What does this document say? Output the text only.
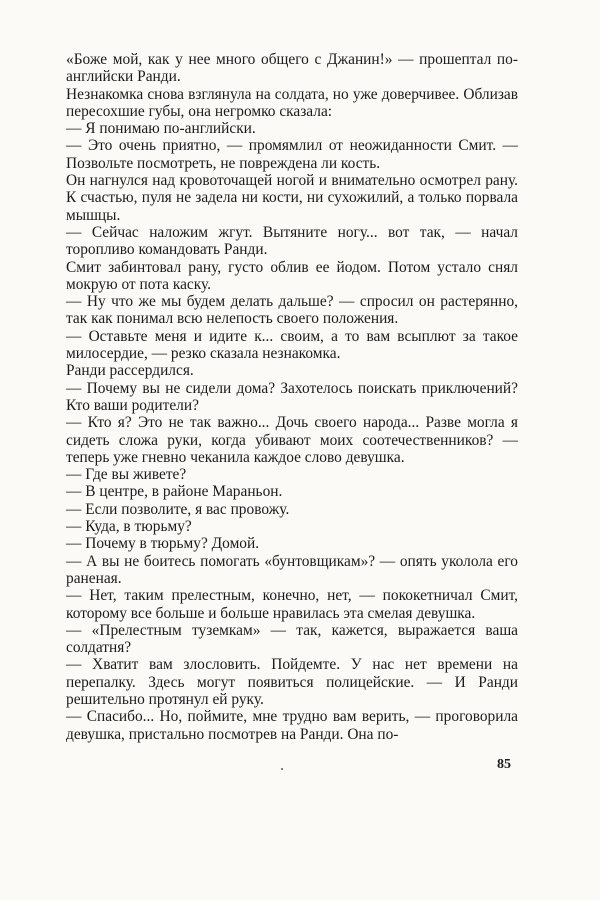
«Боже мой, как у нее много общего с Джанин!» — прошептал по-английски Ранди.

Незнакомка снова взглянула на солдата, но уже доверчивее. Облизав пересохшие губы, она негромко сказала:

— Я понимаю по-английски.

— Это очень приятно, — промямлил от неожиданности Смит. — Позвольте посмотреть, не повреждена ли кость.

Он нагнулся над кровоточащей ногой и внимательно осмотрел рану. К счастью, пуля не задела ни кости, ни сухожилий, а только порвала мышцы.

— Сейчас наложим жгут. Вытяните ногу... вот так, — начал торопливо командовать Ранди.

Смит забинтовал рану, густо облив ее йодом. Потом устало снял мокрую от пота каску.

— Ну что же мы будем делать дальше? — спросил он растерянно, так как понимал всю нелепость своего положения.

— Оставьте меня и идите к... своим, а то вам всыплют за такое милосердие, — резко сказала незнакомка.

Ранди рассердился.

— Почему вы не сидели дома? Захотелось поискать приключений? Кто ваши родители?

— Кто я? Это не так важно... Дочь своего народа... Разве могла я сидеть сложа руки, когда убивают моих соотечественников? — теперь уже гневно чеканила каждое слово девушка.

— Где вы живете?

— В центре, в районе Мараньон.

— Если позволите, я вас провожу.

— Куда, в тюрьму?

— Почему в тюрьму? Домой.

— А вы не боитесь помогать «бунтовщикам»? — опять уколола его раненая.

— Нет, таким прелестным, конечно, нет, — пококетничал Смит, которому все больше и больше нравилась эта смелая девушка.

— «Прелестным туземкам» — так, кажется, выражается ваша солдатня?

— Хватит вам злословить. Пойдемте. У нас нет времени на перепалку. Здесь могут появиться полицейские. — И Ранди решительно протянул ей руку.

— Спасибо... Но, поймите, мне трудно вам верить, — проговорила девушка, пристально посмотрев на Ранди. Она по-

85
